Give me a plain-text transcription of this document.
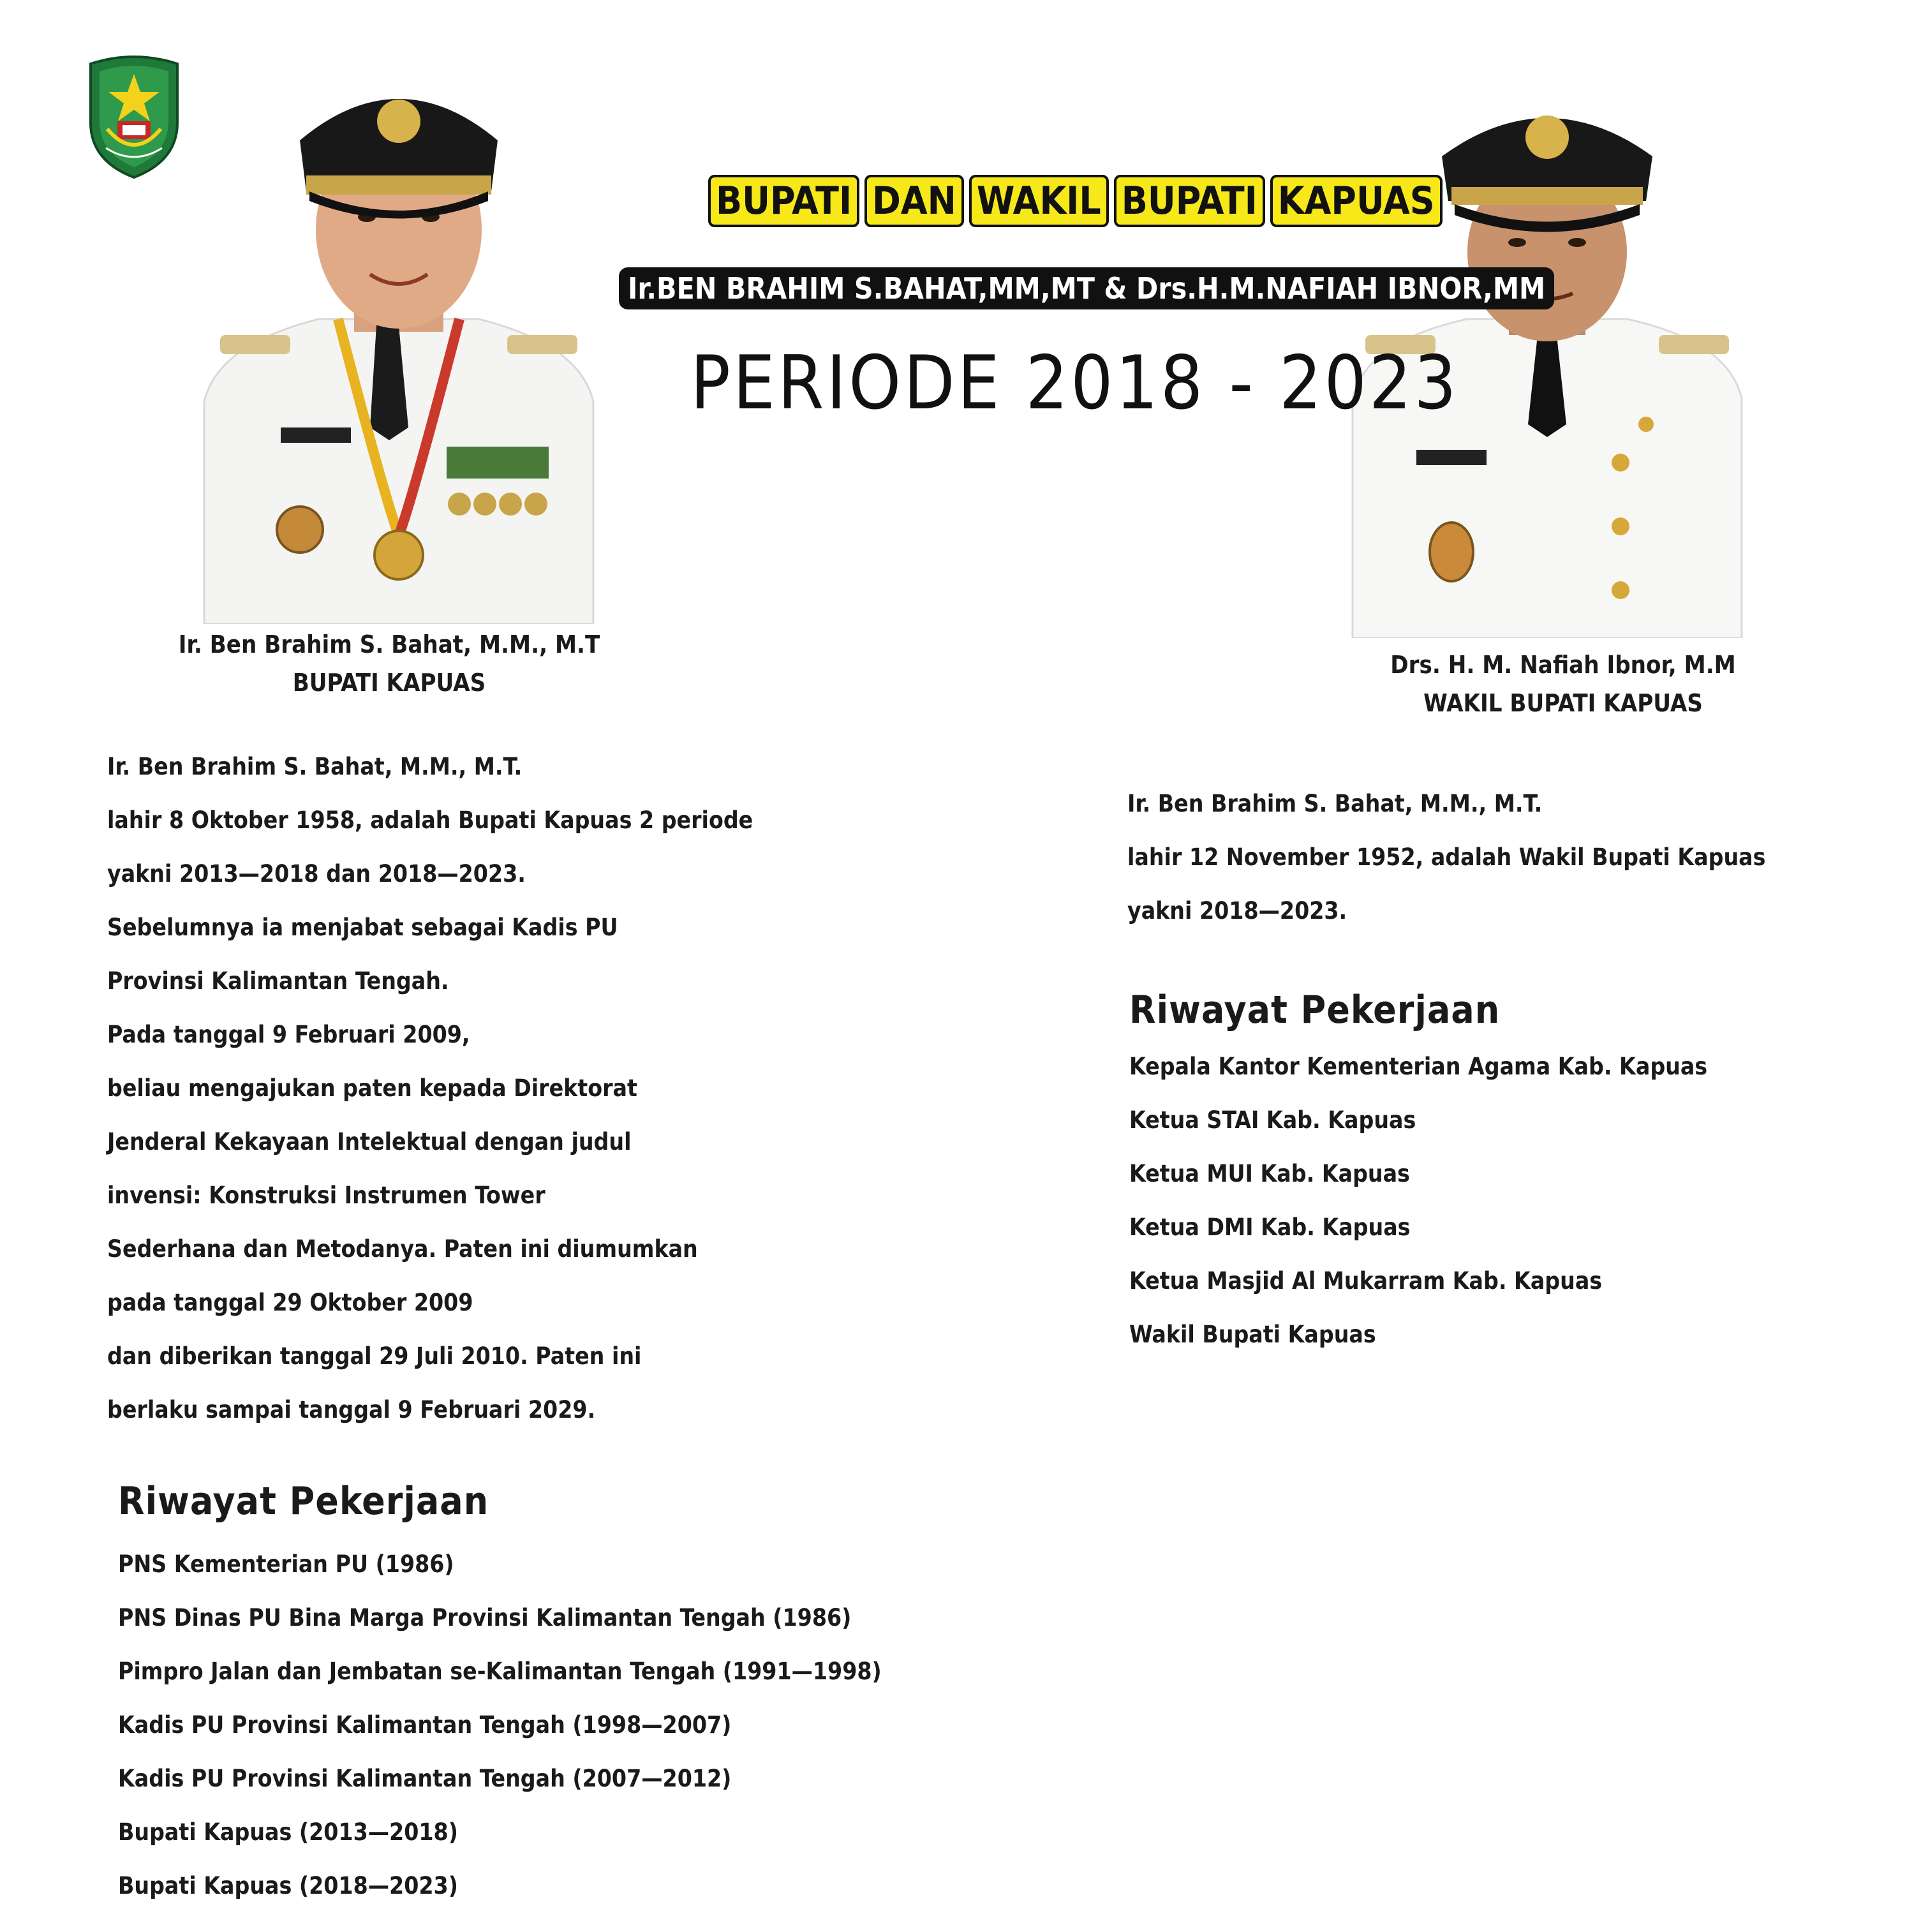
BUPATI DAN WAKIL BUPATI KAPUAS
Ir.BEN BRAHIM S.BAHAT,MM,MT & Drs.H.M.NAFIAH IBNOR,MM
PERIODE 2018 - 2023
Ir. Ben Brahim S. Bahat, M.M., M.T
BUPATI KAPUAS
Drs. H. M. Nafiah Ibnor, M.M
WAKIL BUPATI KAPUAS
Ir. Ben Brahim S. Bahat, M.M., M.T.
lahir 8 Oktober 1958, adalah Bupati Kapuas 2 periode
yakni 2013—2018 dan 2018—2023.
Sebelumnya ia menjabat sebagai Kadis PU
Provinsi Kalimantan Tengah.
Pada tanggal 9 Februari 2009,
beliau mengajukan paten kepada Direktorat
Jenderal Kekayaan Intelektual dengan judul
invensi: Konstruksi Instrumen Tower
Sederhana dan Metodanya. Paten ini diumumkan
pada tanggal 29 Oktober 2009
dan diberikan tanggal 29 Juli 2010. Paten ini
berlaku sampai tanggal 9 Februari 2029.
Riwayat Pekerjaan
PNS Kementerian PU (1986)
PNS Dinas PU Bina Marga Provinsi Kalimantan Tengah (1986)
Pimpro Jalan dan Jembatan se-Kalimantan Tengah (1991—1998)
Kadis PU Provinsi Kalimantan Tengah (1998—2007)
Kadis PU Provinsi Kalimantan Tengah (2007—2012)
Bupati Kapuas (2013—2018)
Bupati Kapuas (2018—2023)
Ir. Ben Brahim S. Bahat, M.M., M.T.
lahir 12 November 1952, adalah Wakil Bupati Kapuas
yakni 2018—2023.
Riwayat Pekerjaan
Kepala Kantor Kementerian Agama Kab. Kapuas
Ketua STAI Kab. Kapuas
Ketua MUI Kab. Kapuas
Ketua DMI Kab. Kapuas
Ketua Masjid Al Mukarram Kab. Kapuas
Wakil Bupati Kapuas
